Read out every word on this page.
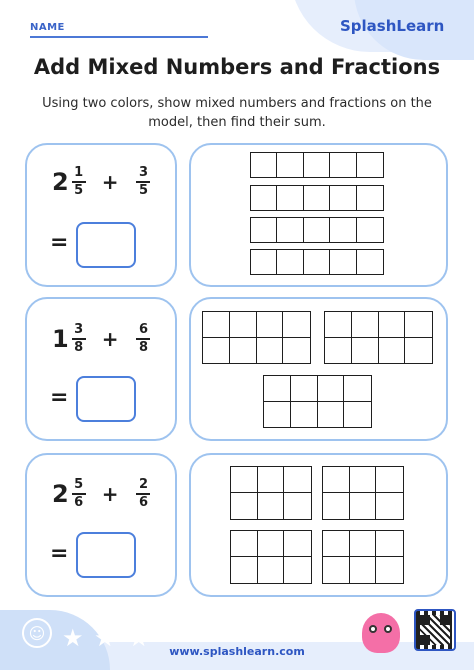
NAME	SplashLearn
Add Mixed Numbers and Fractions
Using two colors, show mixed numbers and fractions on the model, then find their sum.
$2 \frac{1}{5} + \frac{3}{5}$
=
$1 \frac{3}{8} + \frac{6}{8}$
=
$2 \frac{5}{6} + \frac{2}{6}$
=
☺ ★ ★ ★	www.splashlearn.com
